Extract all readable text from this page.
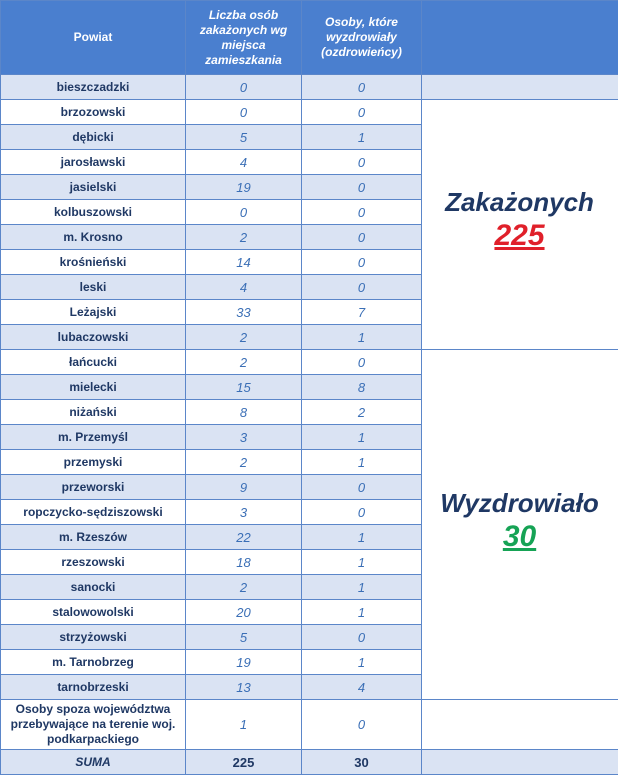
Powiat	Liczba osób zakażonych wg miejsca zamieszkania	Osoby, które wyzdrowiały (ozdrowieńcy)	
bieszczadzki	0	0	
brzozowski	0	0	
dębicki	5	1	
jarosławski	4	0	
jasielski	19	0	
kolbuszowski	0	0	
m. Krosno	2	0	
krośnieński	14	0	
leski	4	0	
Leżajski	33	7	
lubaczowski	2	1	
łańcucki	2	0	
mielecki	15	8	
niżański	8	2	
m. Przemyśl	3	1	
przemyski	2	1	
przeworski	9	0	
ropczycko-sędziszowski	3	0	
m. Rzeszów	22	1	
rzeszowski	18	1	
sanocki	2	1	
stalowowolski	20	1	
strzyżowski	5	0	
m. Tarnobrzeg	19	1	
tarnobrzeski	13	4	
Osoby spoza województwa przebywające na terenie woj. podkarpackiego	1	0	
SUMA	225	30	
Zakażonych
225
Wyzdrowiało
30
